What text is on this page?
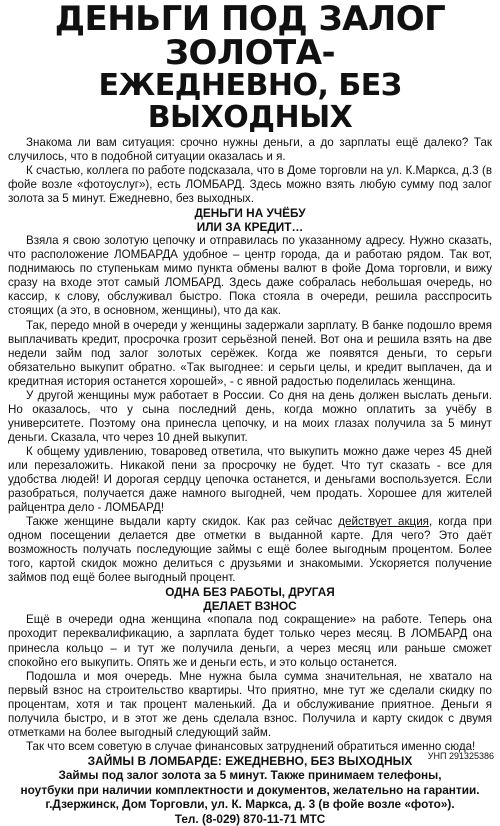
ДЕНЬГИ ПОД ЗАЛОГ ЗОЛОТА-
ЕЖЕДНЕВНО, БЕЗ ВЫХОДНЫХ

Знакома ли вам ситуация: срочно нужны деньги, а до зарплаты ещё далеко? Так случилось, что в подобной ситуации оказалась и я.

К счастью, коллега по работе подсказала, что в Доме торговли на ул. К.Маркса, д.3 (в фойе возле «фотоуслуг»), есть ЛОМБАРД. Здесь можно взять любую сумму под залог золота за 5 минут. Ежедневно, без выходных.

ДЕНЬГИ НА УЧЁБУ
ИЛИ ЗА КРЕДИТ…

Взяла я свою золотую цепочку и отправилась по указанному адресу. Нужно сказать, что расположение ЛОМБАРДА удобное – центр города, да и работаю рядом. Так вот, поднимаюсь по ступенькам мимо пункта обмены валют в фойе Дома торговли, и вижу сразу на входе этот самый ЛОМБАРД. Здесь даже собралась небольшая очередь, но кассир, к слову, обслуживал быстро. Пока стояла в очереди, решила расспросить стоящих (а это, в основном, женщины), что да как.

Так, передо мной в очереди у женщины задержали зарплату. В банке подошло время выплачивать кредит, просрочка грозит серьёзной пеней. Вот она и решила взять на две недели займ под залог золотых серёжек. Когда же появятся деньги, то серьги обязательно выкупит обратно. «Так выгоднее: и серьги целы, и кредит выплачен, да и кредитная история останется хорошей», - с явной радостью поделилась женщина.

У другой женщины муж работает в России. Со дня на день должен выслать деньги. Но оказалось, что у сына последний день, когда можно оплатить за учёбу в университете. Поэтому она принесла цепочку, и на моих глазах получила за 5 минут деньги. Сказала, что через 10 дней выкупит.

К общему удивлению, товаровед ответила, что выкупить можно даже через 45 дней или перезаложить. Никакой пени за просрочку не будет. Что тут сказать - все для удобства людей! И дорогая сердцу цепочка останется, и деньгами воспользуется. Если разобраться, получается даже намного выгодней, чем продать. Хорошее для жителей райцентра дело - ЛОМБАРД!

Также женщине выдали карту скидок. Как раз сейчас действует акция, когда при одном посещении делается две отметки в выданной карте. Для чего? Это даёт возможность получать последующие займы с ещё более выгодным процентом. Более того, картой скидок можно делиться с друзьями и знакомыми. Ускоряется получение займов под ещё более выгодный процент.

ОДНА БЕЗ РАБОТЫ, ДРУГАЯ
ДЕЛАЕТ ВЗНОС

Ещё в очереди одна женщина «попала под сокращение» на работе. Теперь она проходит переквалификацию, а зарплата будет только через месяц. В ЛОМБАРД она принесла кольцо – и тут же получила деньги, а через месяц или раньше сможет спокойно его выкупить. Опять же и деньги есть, и это кольцо останется.

Подошла и моя очередь. Мне нужна была сумма значительная, не хватало на первый взнос на строительство квартиры. Что приятно, мне тут же сделали скидку по процентам, хотя и так процент маленький. Да и обслуживание приятное. Деньги я получила быстро, и в этот же день сделала взнос. Получила и карту скидок с двумя отметками на более выгодный следующий займ.

Так что всем советую в случае финансовых затруднений обратиться именно сюда!

ЗАЙМЫ В ЛОМБАРДЕ: ЕЖЕДНЕВНО, БЕЗ ВЫХОДНЫХ
Займы под залог золота за 5 минут. Также принимаем телефоны,
ноутбуки при наличии комплектности и документов, желательно на гарантии.
г.Дзержинск, Дом Торговли, ул. К. Маркса, д. 3 (в фойе возле «фото»).
Тел. (8-029) 870-11-71 МТС
УНП 291325386
